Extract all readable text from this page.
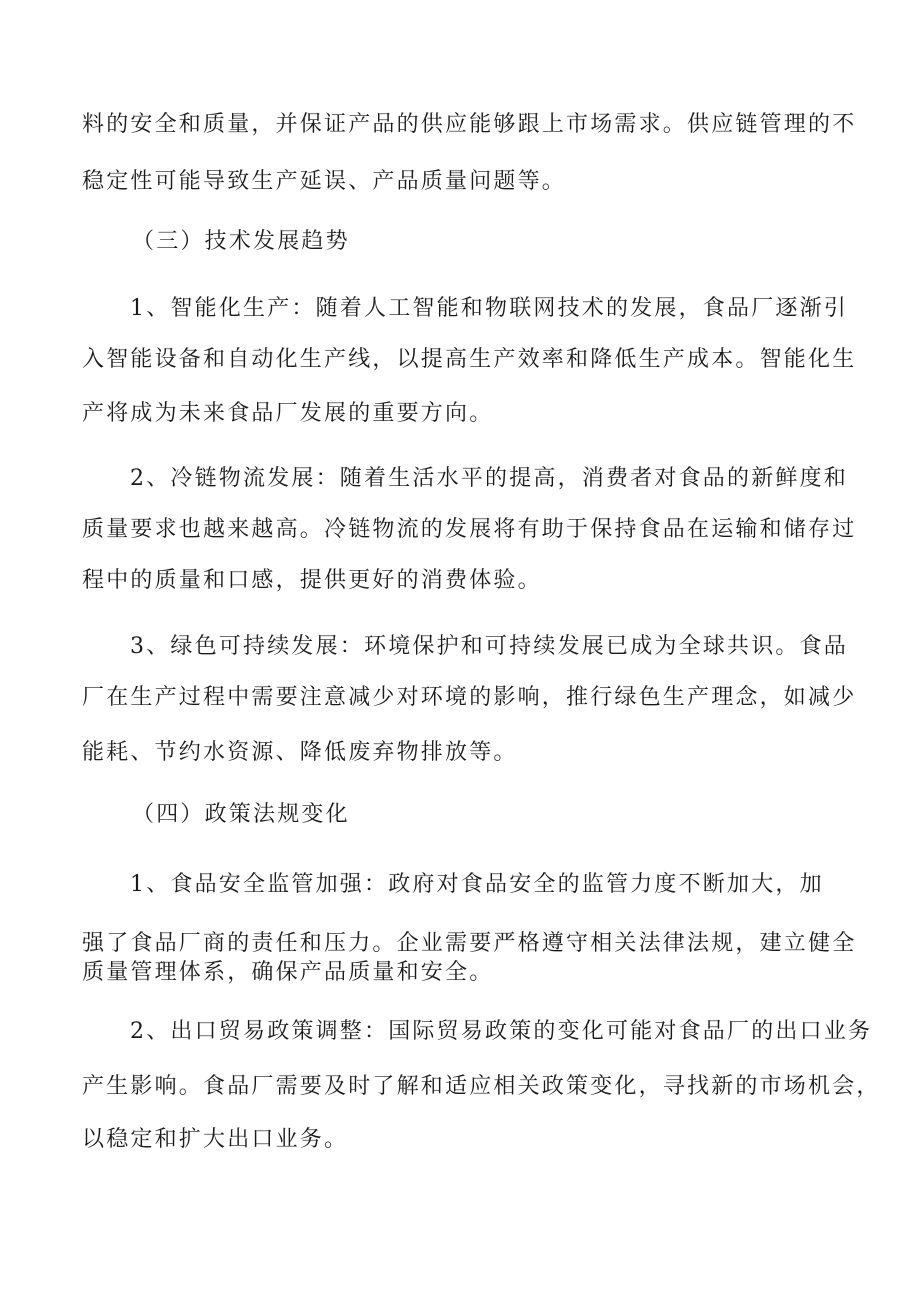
料的安全和质量，并保证产品的供应能够跟上市场需求。供应链管理的不
稳定性可能导致生产延误、产品质量问题等。
（三）技术发展趋势
1、智能化生产：随着人工智能和物联网技术的发展，食品厂逐渐引
入智能设备和自动化生产线，以提高生产效率和降低生产成本。智能化生
产将成为未来食品厂发展的重要方向。
2、冷链物流发展：随着生活水平的提高，消费者对食品的新鲜度和
质量要求也越来越高。冷链物流的发展将有助于保持食品在运输和储存过
程中的质量和口感，提供更好的消费体验。
3、绿色可持续发展：环境保护和可持续发展已成为全球共识。食品
厂在生产过程中需要注意减少对环境的影响，推行绿色生产理念，如减少
能耗、节约水资源、降低废弃物排放等。
（四）政策法规变化
1、食品安全监管加强：政府对食品安全的监管力度不断加大，加
强了食品厂商的责任和压力。企业需要严格遵守相关法律法规，建立健全
质量管理体系，确保产品质量和安全。
2、出口贸易政策调整：国际贸易政策的变化可能对食品厂的出口业务
产生影响。食品厂需要及时了解和适应相关政策变化，寻找新的市场机会，
以稳定和扩大出口业务。
